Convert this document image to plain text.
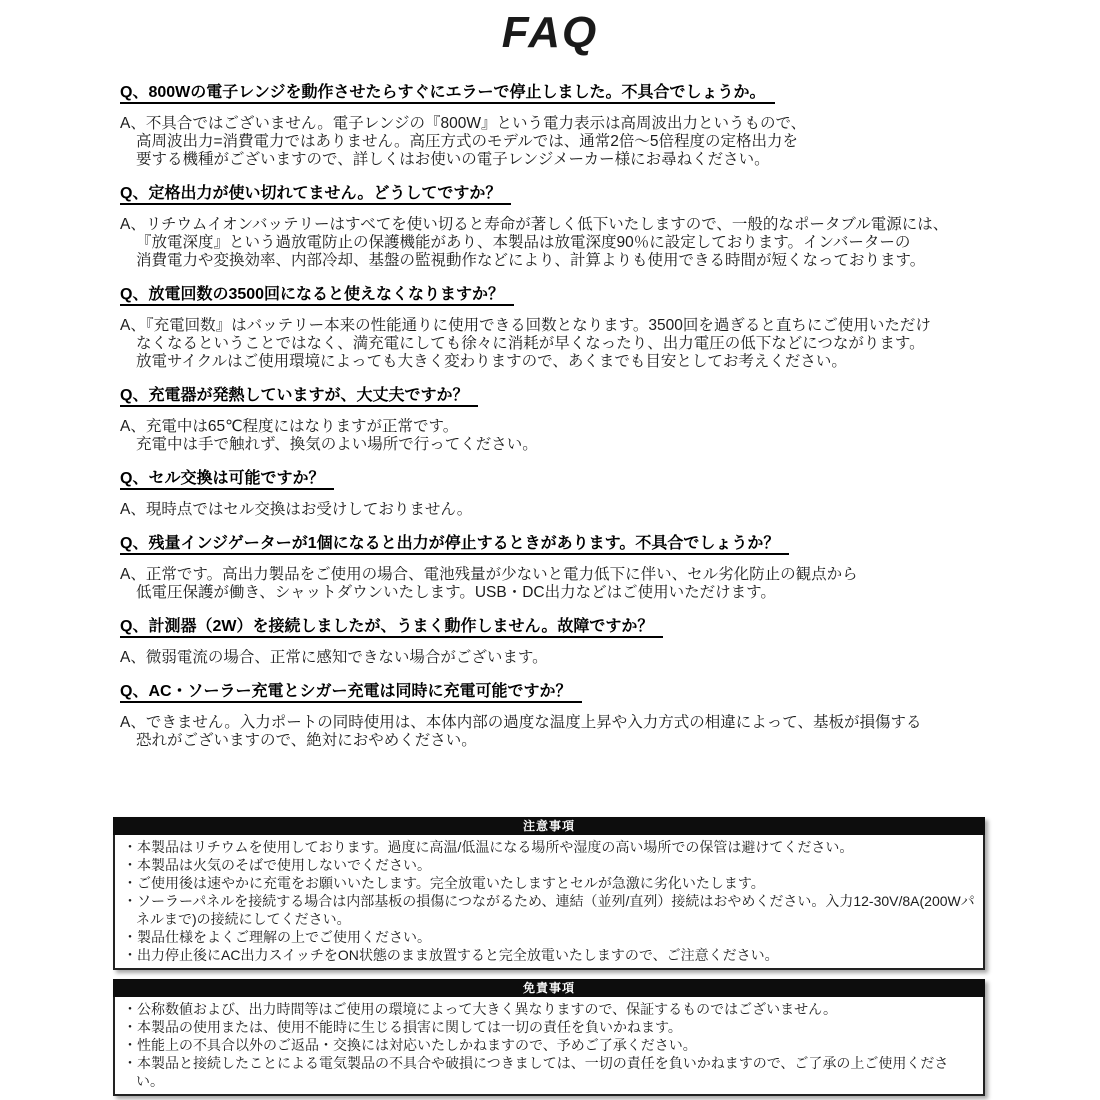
FAQ
Q、800Wの電子レンジを動作させたらすぐにエラーで停止しました。不具合でしょうか。
A、不具合ではございません。電子レンジの『800W』という電力表示は高周波出力というもので、
高周波出力=消費電力ではありません。高圧方式のモデルでは、通常2倍～5倍程度の定格出力を
要する機種がございますので、詳しくはお使いの電子レンジメーカー様にお尋ねください。
Q、定格出力が使い切れてません。どうしてですか？
A、リチウムイオンバッテリーはすべてを使い切ると寿命が著しく低下いたしますので、一般的なポータブル電源には、
『放電深度』という過放電防止の保護機能があり、本製品は放電深度90％に設定しております。インバーターの
消費電力や変換効率、内部冷却、基盤の監視動作などにより、計算よりも使用できる時間が短くなっております。
Q、放電回数の3500回になると使えなくなりますか？
A、『充電回数』はバッテリー本来の性能通りに使用できる回数となります。3500回を過ぎると直ちにご使用いただけ
なくなるということではなく、満充電にしても徐々に消耗が早くなったり、出力電圧の低下などにつながります。
放電サイクルはご使用環境によっても大きく変わりますので、あくまでも目安としてお考えください。
Q、充電器が発熱していますが、大丈夫ですか？
A、充電中は65℃程度にはなりますが正常です。
充電中は手で触れず、換気のよい場所で行ってください。
Q、セル交換は可能ですか？
A、現時点ではセル交換はお受けしておりません。
Q、残量インジゲーターが1個になると出力が停止するときがあります。不具合でしょうか？
A、正常です。高出力製品をご使用の場合、電池残量が少ないと電力低下に伴い、セル劣化防止の観点から
低電圧保護が働き、シャットダウンいたします。USB・DC出力などはご使用いただけます。
Q、計測器（2W）を接続しましたが、うまく動作しません。故障ですか？
A、微弱電流の場合、正常に感知できない場合がございます。
Q、AC・ソーラー充電とシガー充電は同時に充電可能ですか？
A、できません。入力ポートの同時使用は、本体内部の過度な温度上昇や入力方式の相違によって、基板が損傷する
恐れがございますので、絶対におやめください。
注意事項
・本製品はリチウムを使用しております。過度に高温/低温になる場所や湿度の高い場所での保管は避けてください。
・本製品は火気のそばで使用しないでください。
・ご使用後は速やかに充電をお願いいたします。完全放電いたしますとセルが急激に劣化いたします。
・ソーラーパネルを接続する場合は内部基板の損傷につながるため、連結（並列/直列）接続はおやめください。入力12-30V/8A(200Wパネルまで)の接続にしてください。
・製品仕様をよくご理解の上でご使用ください。
・出力停止後にAC出力スイッチをON状態のまま放置すると完全放電いたしますので、ご注意ください。
免責事項
・公称数値および、出力時間等はご使用の環境によって大きく異なりますので、保証するものではございません。
・本製品の使用または、使用不能時に生じる損害に関しては一切の責任を負いかねます。
・性能上の不具合以外のご返品・交換には対応いたしかねますので、予めご了承ください。
・本製品と接続したことによる電気製品の不具合や破損につきましては、一切の責任を負いかねますので、ご了承の上ご使用ください。
